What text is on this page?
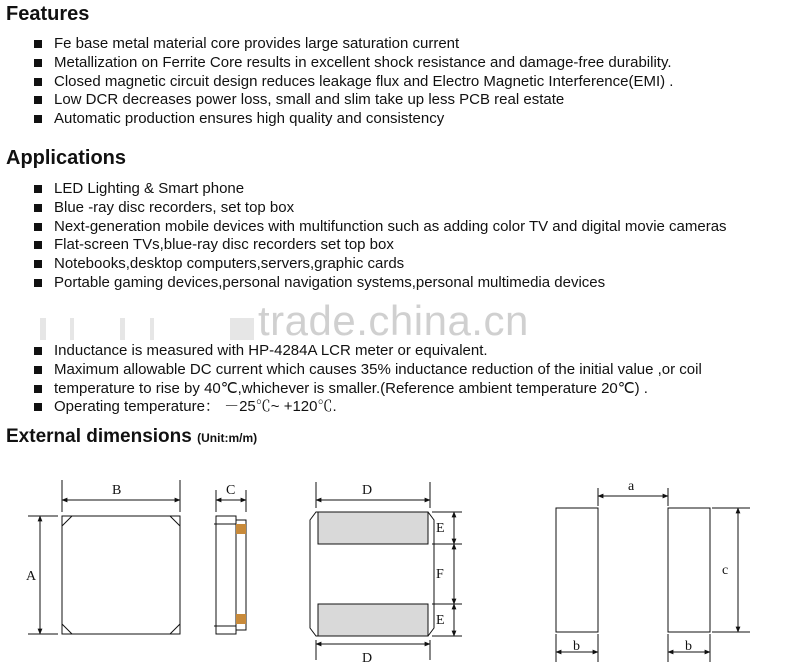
Features
Fe base metal material core provides large saturation current
Metallization on Ferrite Core results in excellent shock resistance and damage-free durability.
Closed magnetic circuit design reduces leakage flux and Electro Magnetic Interference(EMI) .
Low DCR decreases power loss, small and slim take up less PCB real estate
Automatic production ensures high quality and consistency
Applications
LED Lighting & Smart phone
Blue -ray disc recorders, set top box
Next-generation mobile devices with multifunction such as adding color TV and digital movie cameras
Flat-screen TVs,blue-ray disc recorders set top box
Notebooks,desktop computers,servers,graphic cards
Portable gaming devices,personal navigation systems,personal multimedia devices
trade.china.cn
Inductance is measured with HP-4284A LCR meter or equivalent.
Maximum allowable DC current which causes 35% inductance reduction of the initial value ,or coil
temperature to rise by 40℃,whichever is smaller.(Reference ambient temperature 20℃) .
Operating temperature： －25℃~ +120℃.
External dimensions (Unit:m/m)
B
A
C	D
D
E
F
E
a
c
b	b
